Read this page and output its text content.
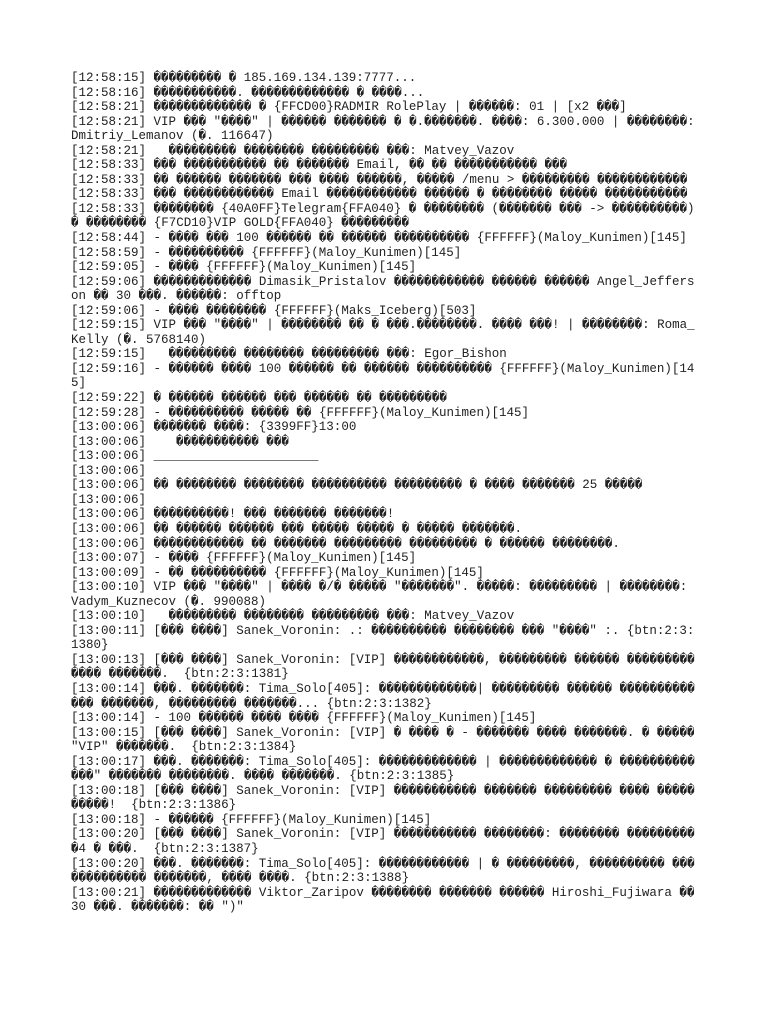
[12:58:15] ��������� � 185.169.134.139:7777...
[12:58:16] �����������. ������������� � ����...
[12:58:21] ������������� � {FFCD00}RADMIR RolePlay | ������: 01 | [x2 ���]
[12:58:21] VIP ��� "����" | ������ ������� � �.�������. ����: 6.300.000 | ��������: Dmitriy_Lemanov (�. 116647)
[12:58:21]   ��������� �������� ��������� ���: Matvey_Vazov
[12:58:33] ��� ����������� �� ������� Email, �� �� ����������� ���
[12:58:33] �� ������ ������� ��� ���� ������, ����� /menu > ��������� ������������
[12:58:33] ��� ������������ Email ������������ ������ � �������� ����� �����������
[12:58:33] �������� {40A0FF}Telegram{FFA040} � �������� (������� ��� -> ����������) � �������� {F7CD10}VIP GOLD{FFA040} ���������
[12:58:44] - ���� ��� 100 ������ �� ������ ���������� {FFFFFF}(Maloy_Kunimen)[145]
[12:58:59] - ���������� {FFFFFF}(Maloy_Kunimen)[145]
[12:59:05] - ���� {FFFFFF}(Maloy_Kunimen)[145]
[12:59:06] ������������� Dimasik_Pristalov ������������ ������ ������ Angel_Jefferson �� 30 ���. ������: offtop
[12:59:06] - ���� �������� {FFFFFF}(Maks_Iceberg)[503]
[12:59:15] VIP ��� "����" | �������� �� � ���.��������. ���� ���! | ��������: Roma_Kelly (�. 5768140)
[12:59:15]   ��������� �������� ��������� ���: Egor_Bishon
[12:59:16] - ������ ���� 100 ������ �� ������ ���������� {FFFFFF}(Maloy_Kunimen)[145]
[12:59:22] � ������ ������ ��� ������ �� ���������
[12:59:28] - ���������� ����� �� {FFFFFF}(Maloy_Kunimen)[145]
[13:00:06] ������� ����: {3399FF}13:00
[13:00:06]    ����������� ���
[13:00:06] ______________________
[13:00:06]
[13:00:06] �� �������� �������� ���������� ��������� � ���� ������� 25 �����
[13:00:06]
[13:00:06] ����������! ��� ������� �������!
[13:00:06] �� ������ ������ ��� ����� ����� � ����� �������.
[13:00:06] ������������ �� ������� ��������� ��������� � ������ ��������.
[13:00:07] - ���� {FFFFFF}(Maloy_Kunimen)[145]
[13:00:09] - �� ���������� {FFFFFF}(Maloy_Kunimen)[145]
[13:00:10] VIP ��� "����" | ���� �/� ����� "�������". �����: ��������� | ��������: Vadym_Kuznecov (�. 990088)
[13:00:10]   ��������� �������� ��������� ���: Matvey_Vazov
[13:00:11] [��� ����] Sanek_Voronin: .: ���������� �������� ��� "����" :. {btn:2:3:1380}
[13:00:13] [��� ����] Sanek_Voronin: [VIP] ������������, ��������� ������ ������������� �������.  {btn:2:3:1381}
[13:00:14] ���. �������: Tima_Solo[405]: �������������| ��������� ������ ������������� �������, ��������� �������... {btn:2:3:1382}
[13:00:14] - 100 ������ ���� ���� {FFFFFF}(Maloy_Kunimen)[145]
[13:00:15] [��� ����] Sanek_Voronin: [VIP] � ���� � - ������� ���� �������. � ����� "VIP" �������.  {btn:2:3:1384}
[13:00:17] ���. �������: Tima_Solo[405]: ������������� | ������������� � �������������" ������� ��������. ���� �������. {btn:2:3:1385}
[13:00:18] [��� ����] Sanek_Voronin: [VIP] ����������� ������� ��������� ���� ����������!  {btn:2:3:1386}
[13:00:18] - ������ {FFFFFF}(Maloy_Kunimen)[145]
[13:00:20] [��� ����] Sanek_Voronin: [VIP] ����������� ��������: �������� ��������� �4 � ���.  {btn:2:3:1387}
[13:00:20] ���. �������: Tima_Solo[405]: ������������ | � ���������, ���������� ������������� �������, ���� ����. {btn:2:3:1388}
[13:00:21] ������������� Viktor_Zaripov �������� ������� ������ Hiroshi_Fujiwara �� 30 ���. �������: �� ")"
